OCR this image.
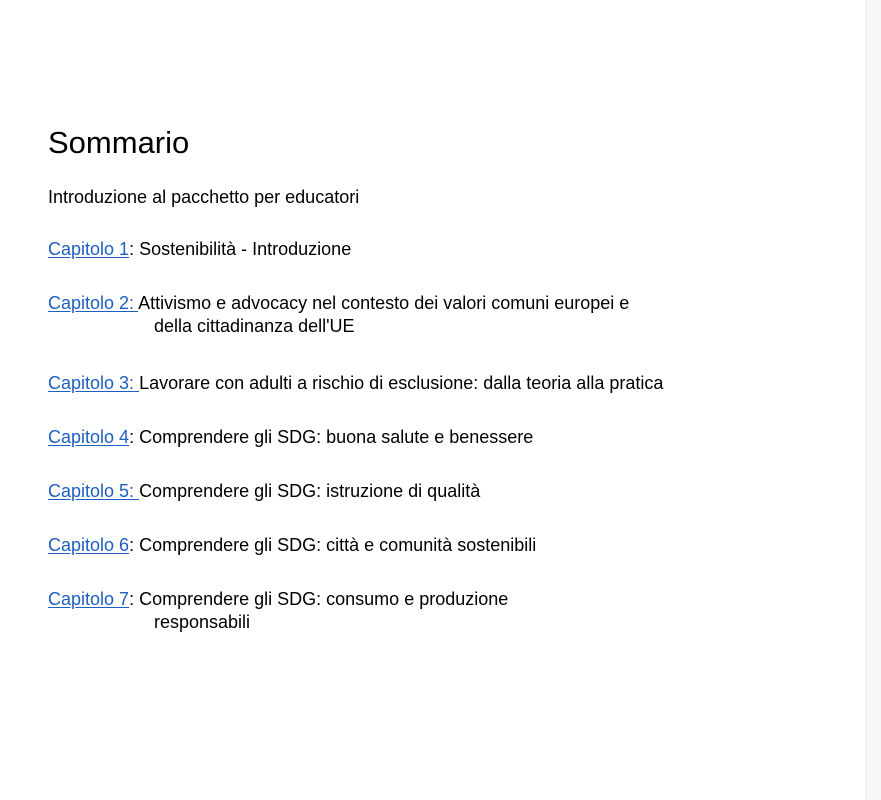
Sommario

Introduzione al pacchetto per educatori

Capitolo 1: Sostenibilità - Introduzione

Capitolo 2: Attivismo e advocacy nel contesto dei valori comuni europei e
della cittadinanza dell'UE

Capitolo 3: Lavorare con adulti a rischio di esclusione: dalla teoria alla pratica

Capitolo 4: Comprendere gli SDG: buona salute e benessere

Capitolo 5: Comprendere gli SDG: istruzione di qualità

Capitolo 6: Comprendere gli SDG: città e comunità sostenibili

Capitolo 7: Comprendere gli SDG: consumo e produzione
responsabili
